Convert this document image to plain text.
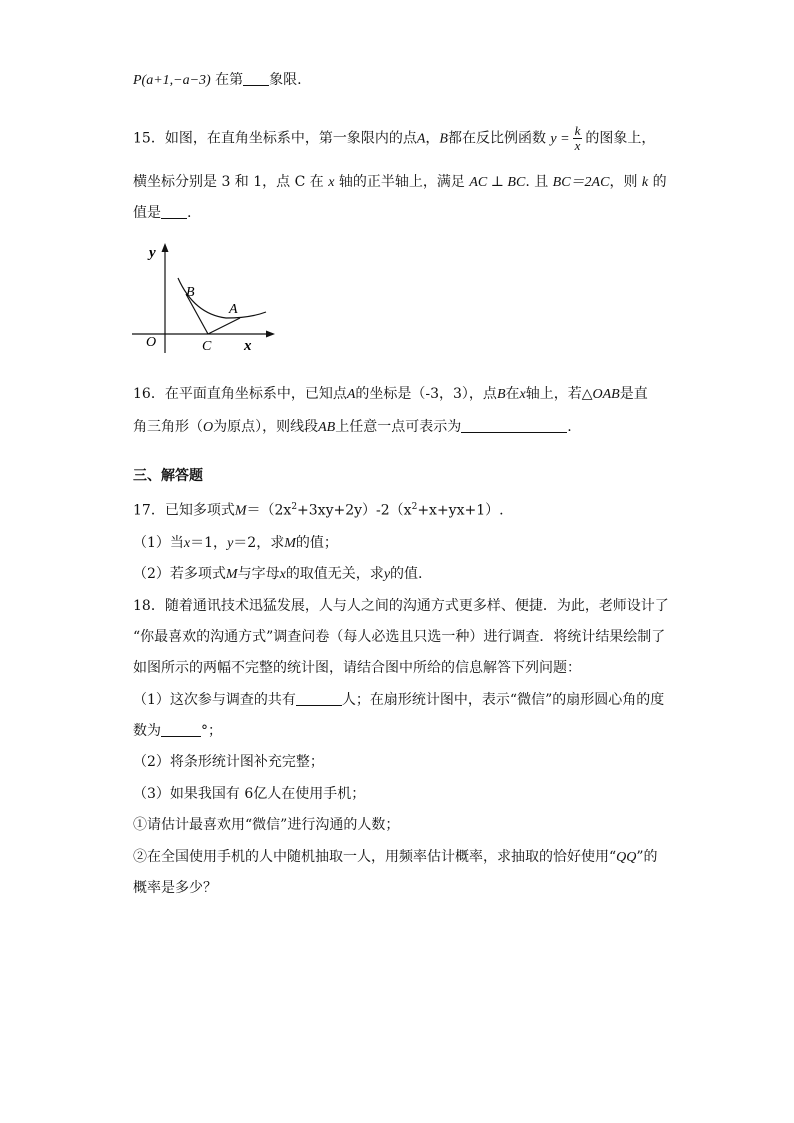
P(a+1,−a−3) 在第 象限.
15．如图，在直角坐标系中，第一象限内的点A，B都在反比例函数 $y = \frac{k}{x}$ 的图象上，
横坐标分别是 3 和 1，点 C 在 x 轴的正半轴上，满足 AC ⊥ BC. 且 BC＝2AC，则 k 的
值是 .
y
x
O
B
A
C
16．在平面直角坐标系中，已知点A的坐标是（-3，3），点B在x轴上，若△OAB是直
角三角形（O为原点），则线段AB上任意一点可表示为	.
三、解答题
17．已知多项式$M=(2x^2+3xy+2y)-2(x^2+x+yx+1)$.
（1）当x＝1，y＝2，求M的值；
（2）若多项式M与字母x的取值无关，求y的值.
18．随着通讯技术迅猛发展，人与人之间的沟通方式更多样、便捷．为此，老师设计了
“你最喜欢的沟通方式”调查问卷（每人必选且只选一种）进行调查．将统计结果绘制了
如图所示的两幅不完整的统计图，请结合图中所给的信息解答下列问题：
（1）这次参与调查的共有	人；在扇形统计图中，表示“微信”的扇形圆心角的度
数为	°；
（2）将条形统计图补充完整；
（3）如果我国有 6亿人在使用手机；
①请估计最喜欢用“微信”进行沟通的人数；
②在全国使用手机的人中随机抽取一人，用频率估计概率，求抽取的恰好使用“QQ”的
概率是多少？
